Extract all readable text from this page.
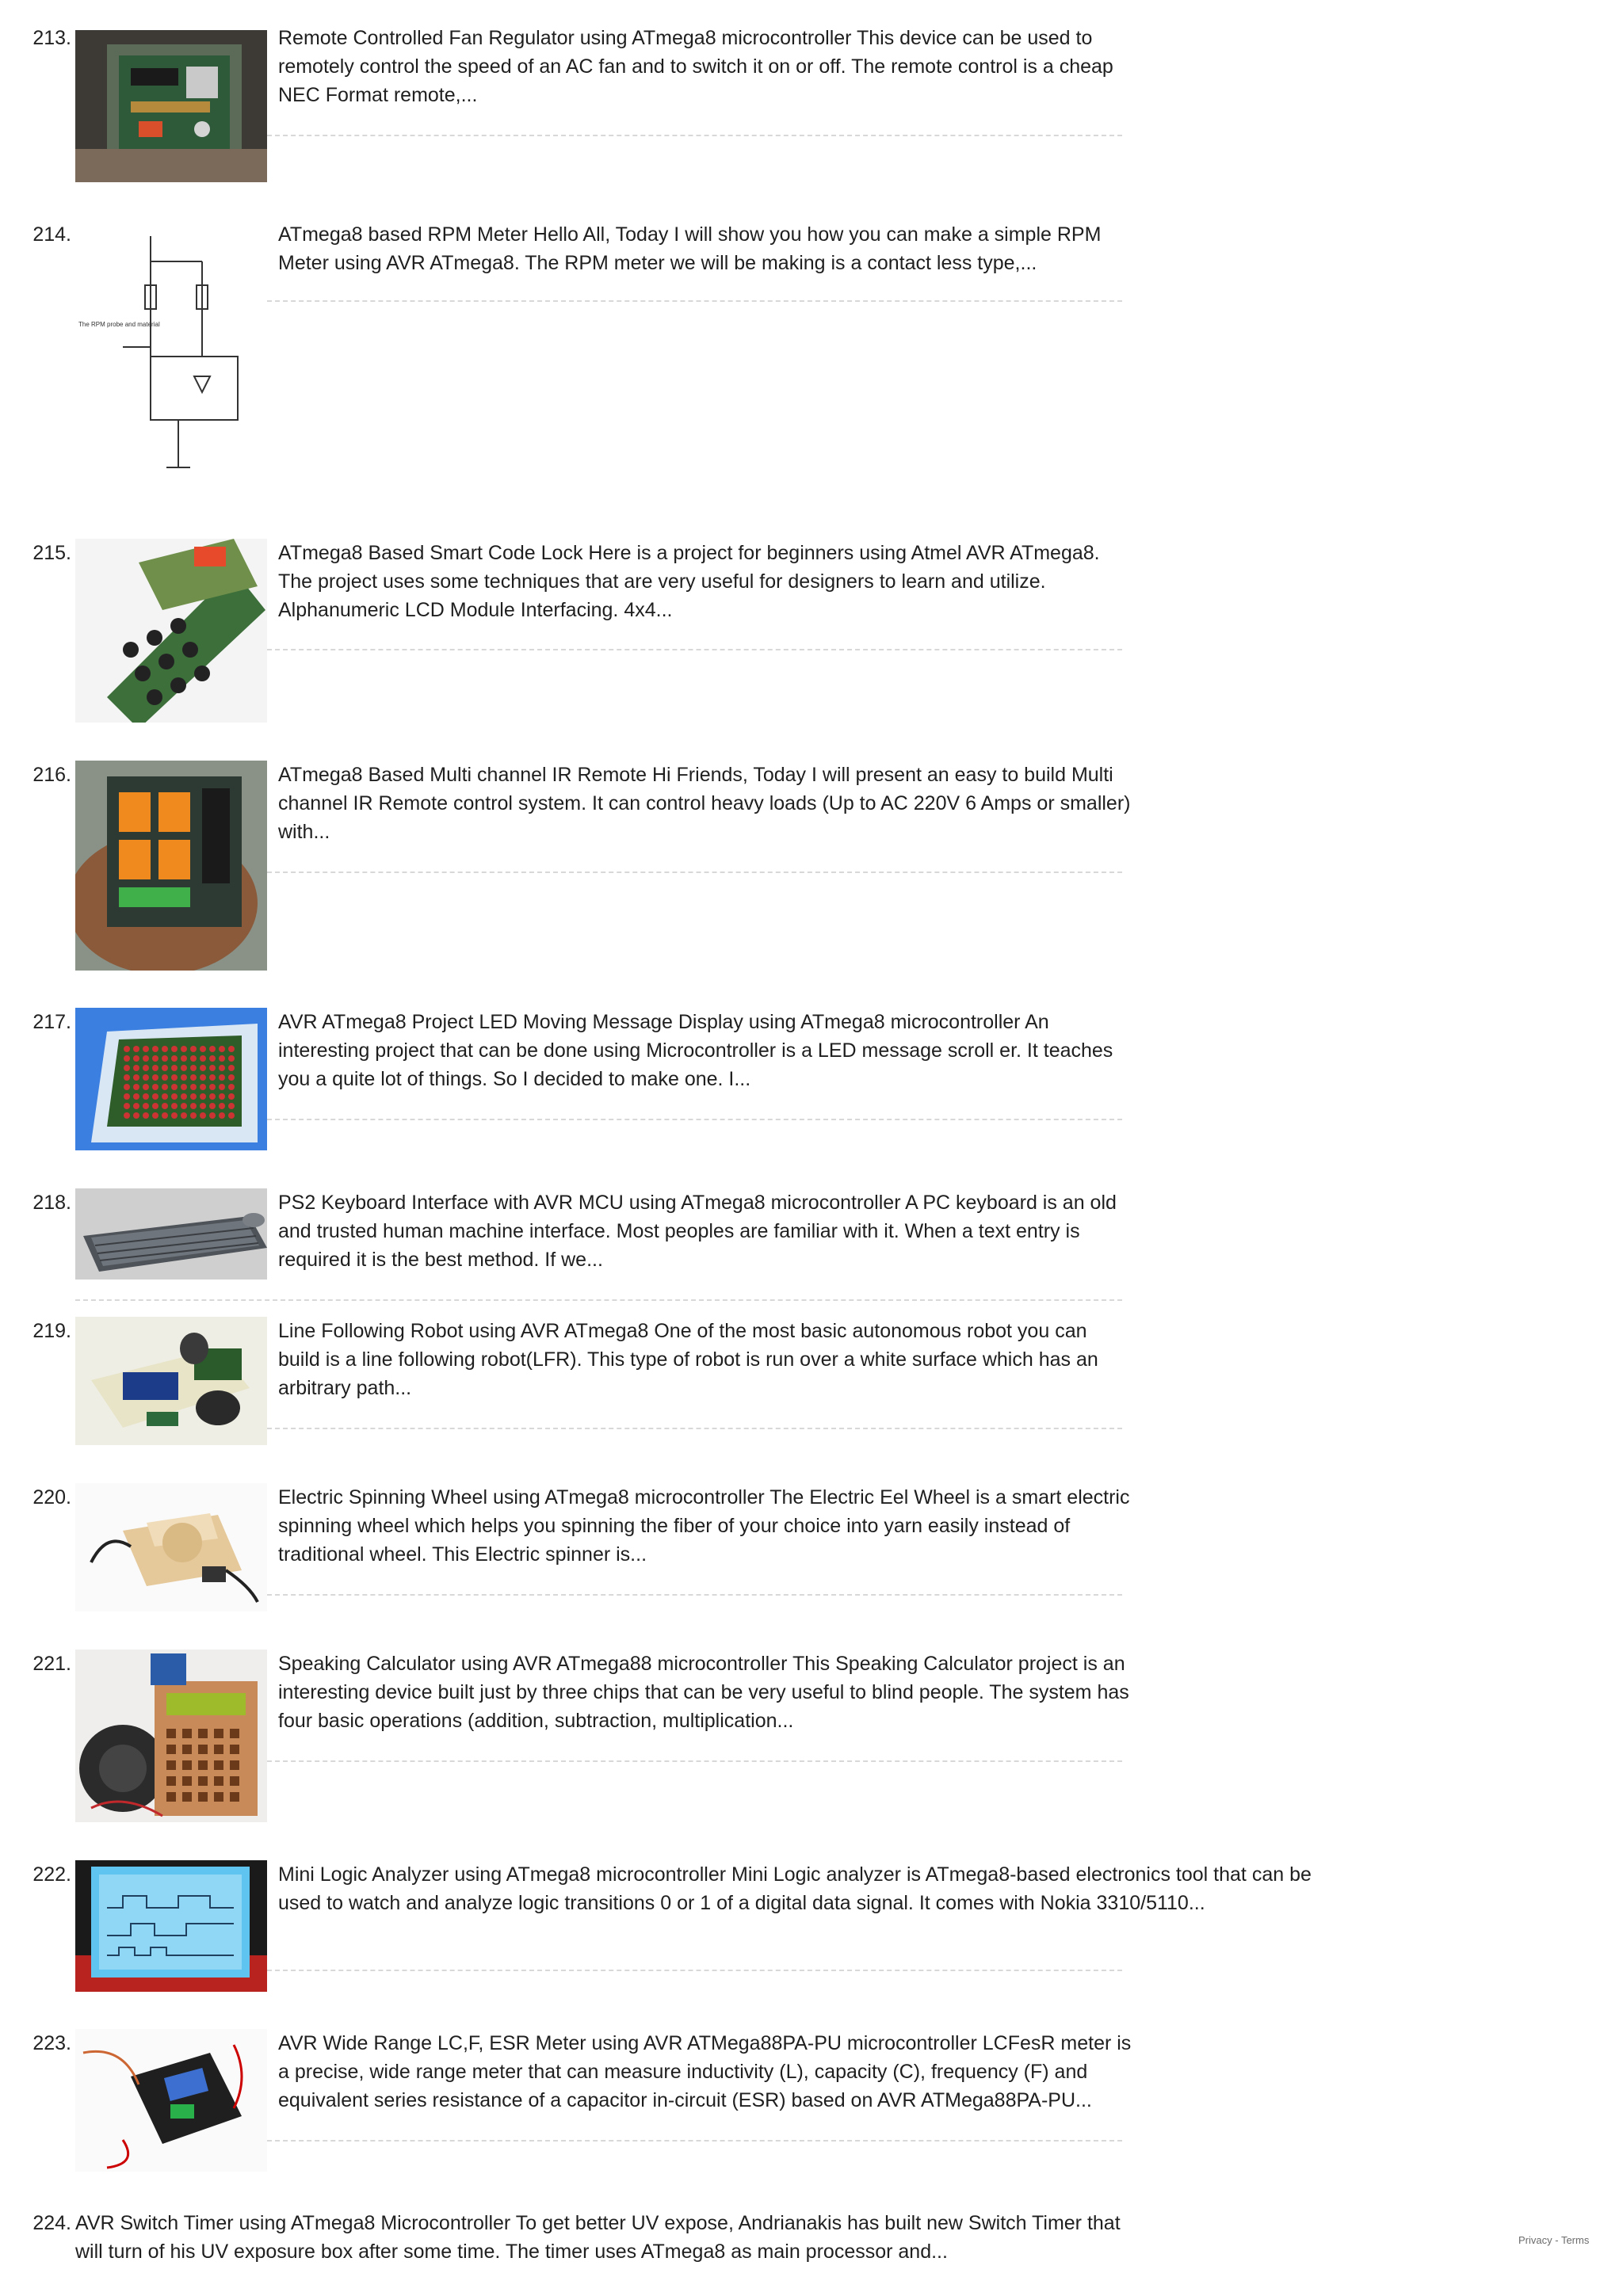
213.	Remote Controlled Fan Regulator using ATmega8 microcontroller This device can be used to remotely control the speed of an AC fan and to switch it on or off. The remote control is a cheap NEC Format remote,...
214.
The RPM probe and material
ATmega8 based RPM Meter Hello All, Today I will show you how you can make a simple RPM Meter using AVR ATmega8. The RPM meter we will be making is a contact less type,...
215.	ATmega8 Based Smart Code Lock Here is a project for beginners using Atmel AVR ATmega8. The project uses some techniques that are very useful for designers to learn and utilize. Alphanumeric LCD Module Interfacing. 4x4...
216.	ATmega8 Based Multi channel IR Remote Hi Friends, Today I will present an easy to build Multi channel IR Remote control system. It can control heavy loads (Up to AC 220V 6 Amps or smaller) with...
217.	AVR ATmega8 Project LED Moving Message Display using ATmega8 microcontroller An interesting project that can be done using Microcontroller is a LED message scroll er. It teaches you a quite lot of things. So I decided to make one. I...
218.	PS2 Keyboard Interface with AVR MCU using ATmega8 microcontroller A PC keyboard is an old and trusted human machine interface. Most peoples are familiar with it. When a text entry is required it is the best method. If we...
219.	Line Following Robot using AVR ATmega8 One of the most basic autonomous robot you can build is a line following robot(LFR). This type of robot is run over a white surface which has an arbitrary path...
220.	Electric Spinning Wheel using ATmega8 microcontroller The Electric Eel Wheel is a smart electric spinning wheel which helps you spinning the fiber of your choice into yarn easily instead of traditional wheel. This Electric spinner is...
221.	Speaking Calculator using AVR ATmega88 microcontroller This Speaking Calculator project is an interesting device built just by three chips that can be very useful to blind people. The system has four basic operations (addition, subtraction, multiplication...
222.	Mini Logic Analyzer using ATmega8 microcontroller Mini Logic analyzer is ATmega8-based electronics tool that can be used to watch and analyze logic transitions 0 or 1 of a digital data signal. It comes with Nokia 3310/5110...
223.	AVR Wide Range LC,F, ESR Meter using AVR ATMega88PA-PU microcontroller LCFesR meter is a precise, wide range meter that can measure inductivity (L), capacity (C), frequency (F) and equivalent series resistance of a capacitor in-circuit (ESR) based on AVR ATMega88PA-PU...
224. AVR Switch Timer using ATmega8 Microcontroller To get better UV expose, Andrianakis has built new Switch Timer that will turn of his UV exposure box after some time. The timer uses ATmega8 as main processor and...
Privacy - Terms
